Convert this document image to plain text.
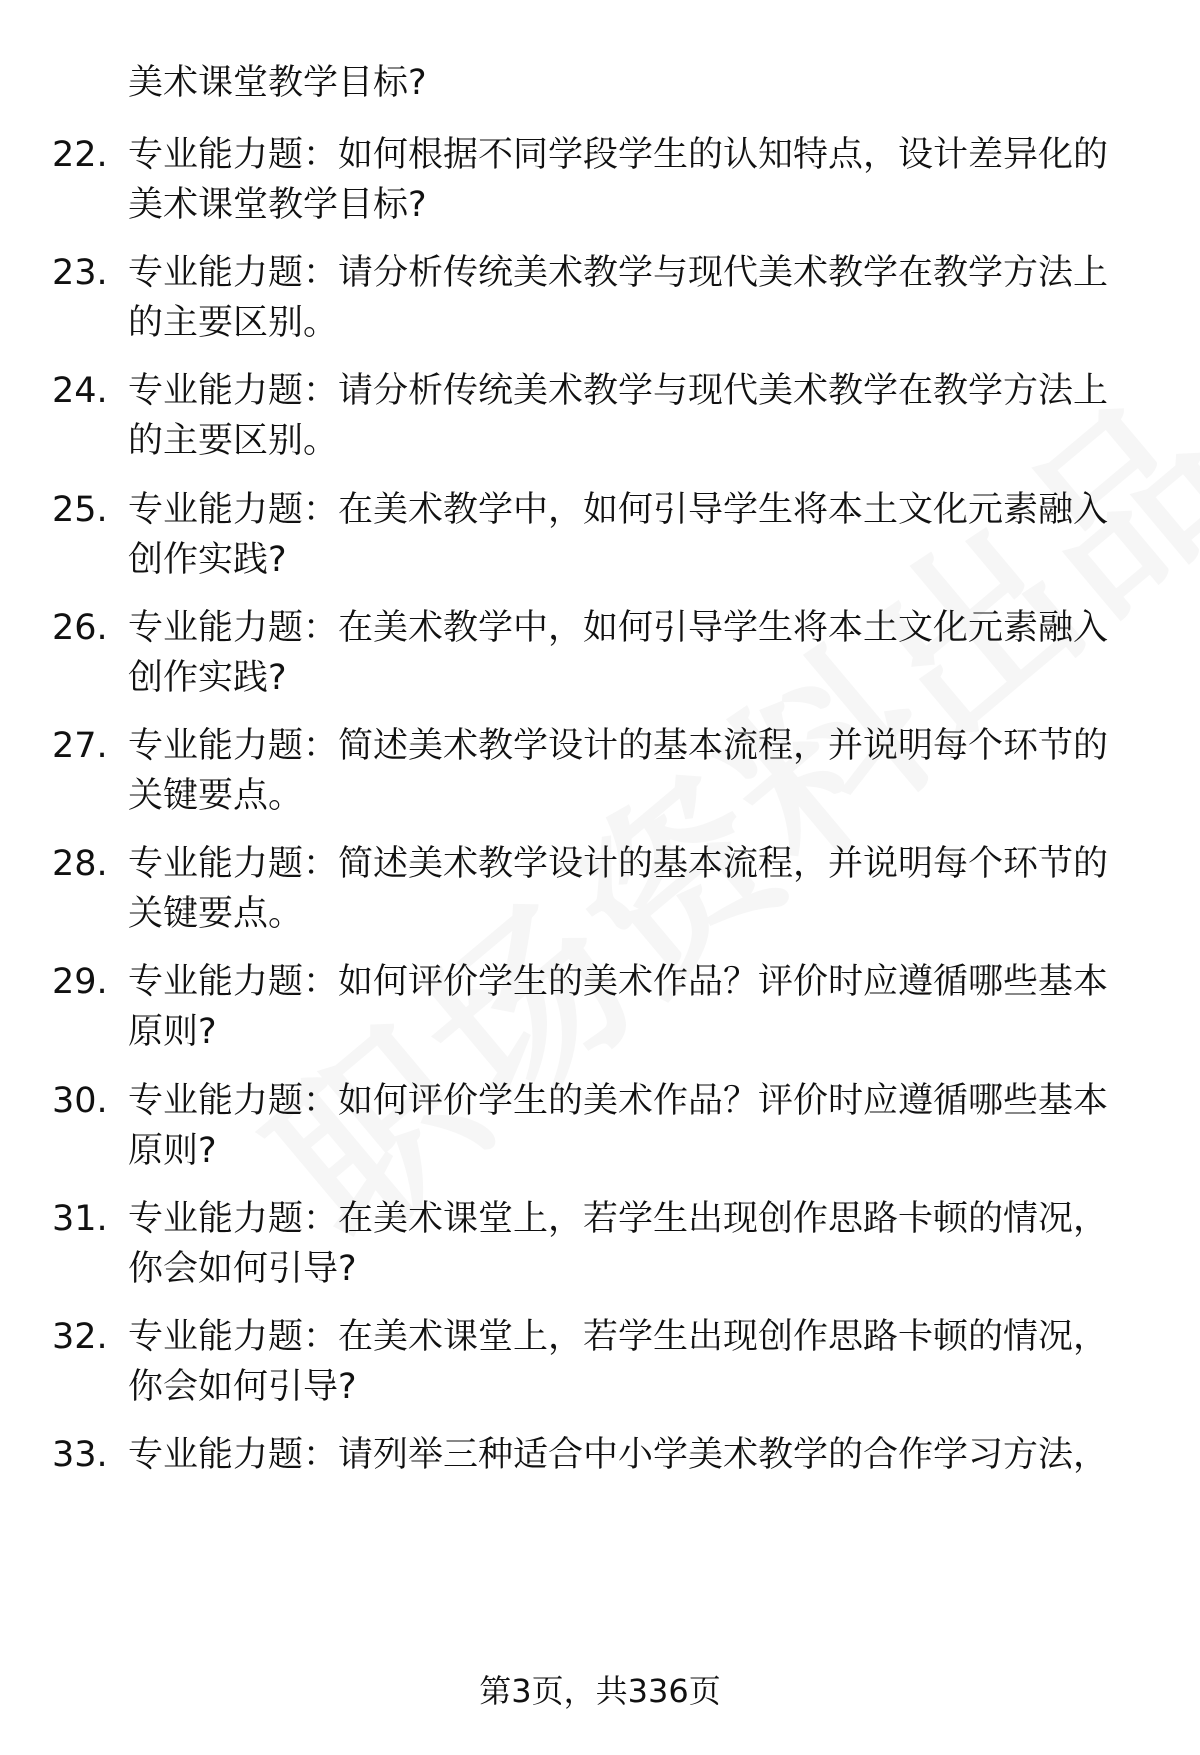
美术课堂教学目标?
22. 专业能力题：如何根据不同学段学生的认知特点，设计差异化的
美术课堂教学目标?
23. 专业能力题：请分析传统美术教学与现代美术教学在教学方法上
的主要区别。
24. 专业能力题：请分析传统美术教学与现代美术教学在教学方法上
的主要区别。
25. 专业能力题：在美术教学中，如何引导学生将本土文化元素融入
创作实践?
26. 专业能力题：在美术教学中，如何引导学生将本土文化元素融入
创作实践?
27. 专业能力题：简述美术教学设计的基本流程，并说明每个环节的
关键要点。
28. 专业能力题：简述美术教学设计的基本流程，并说明每个环节的
关键要点。
29. 专业能力题：如何评价学生的美术作品？评价时应遵循哪些基本
原则?
30. 专业能力题：如何评价学生的美术作品？评价时应遵循哪些基本
原则?
31. 专业能力题：在美术课堂上，若学生出现创作思路卡顿的情况，
你会如何引导?
32. 专业能力题：在美术课堂上，若学生出现创作思路卡顿的情况，
你会如何引导?
33. 专业能力题：请列举三种适合中小学美术教学的合作学习方法，
第3页，共336页
